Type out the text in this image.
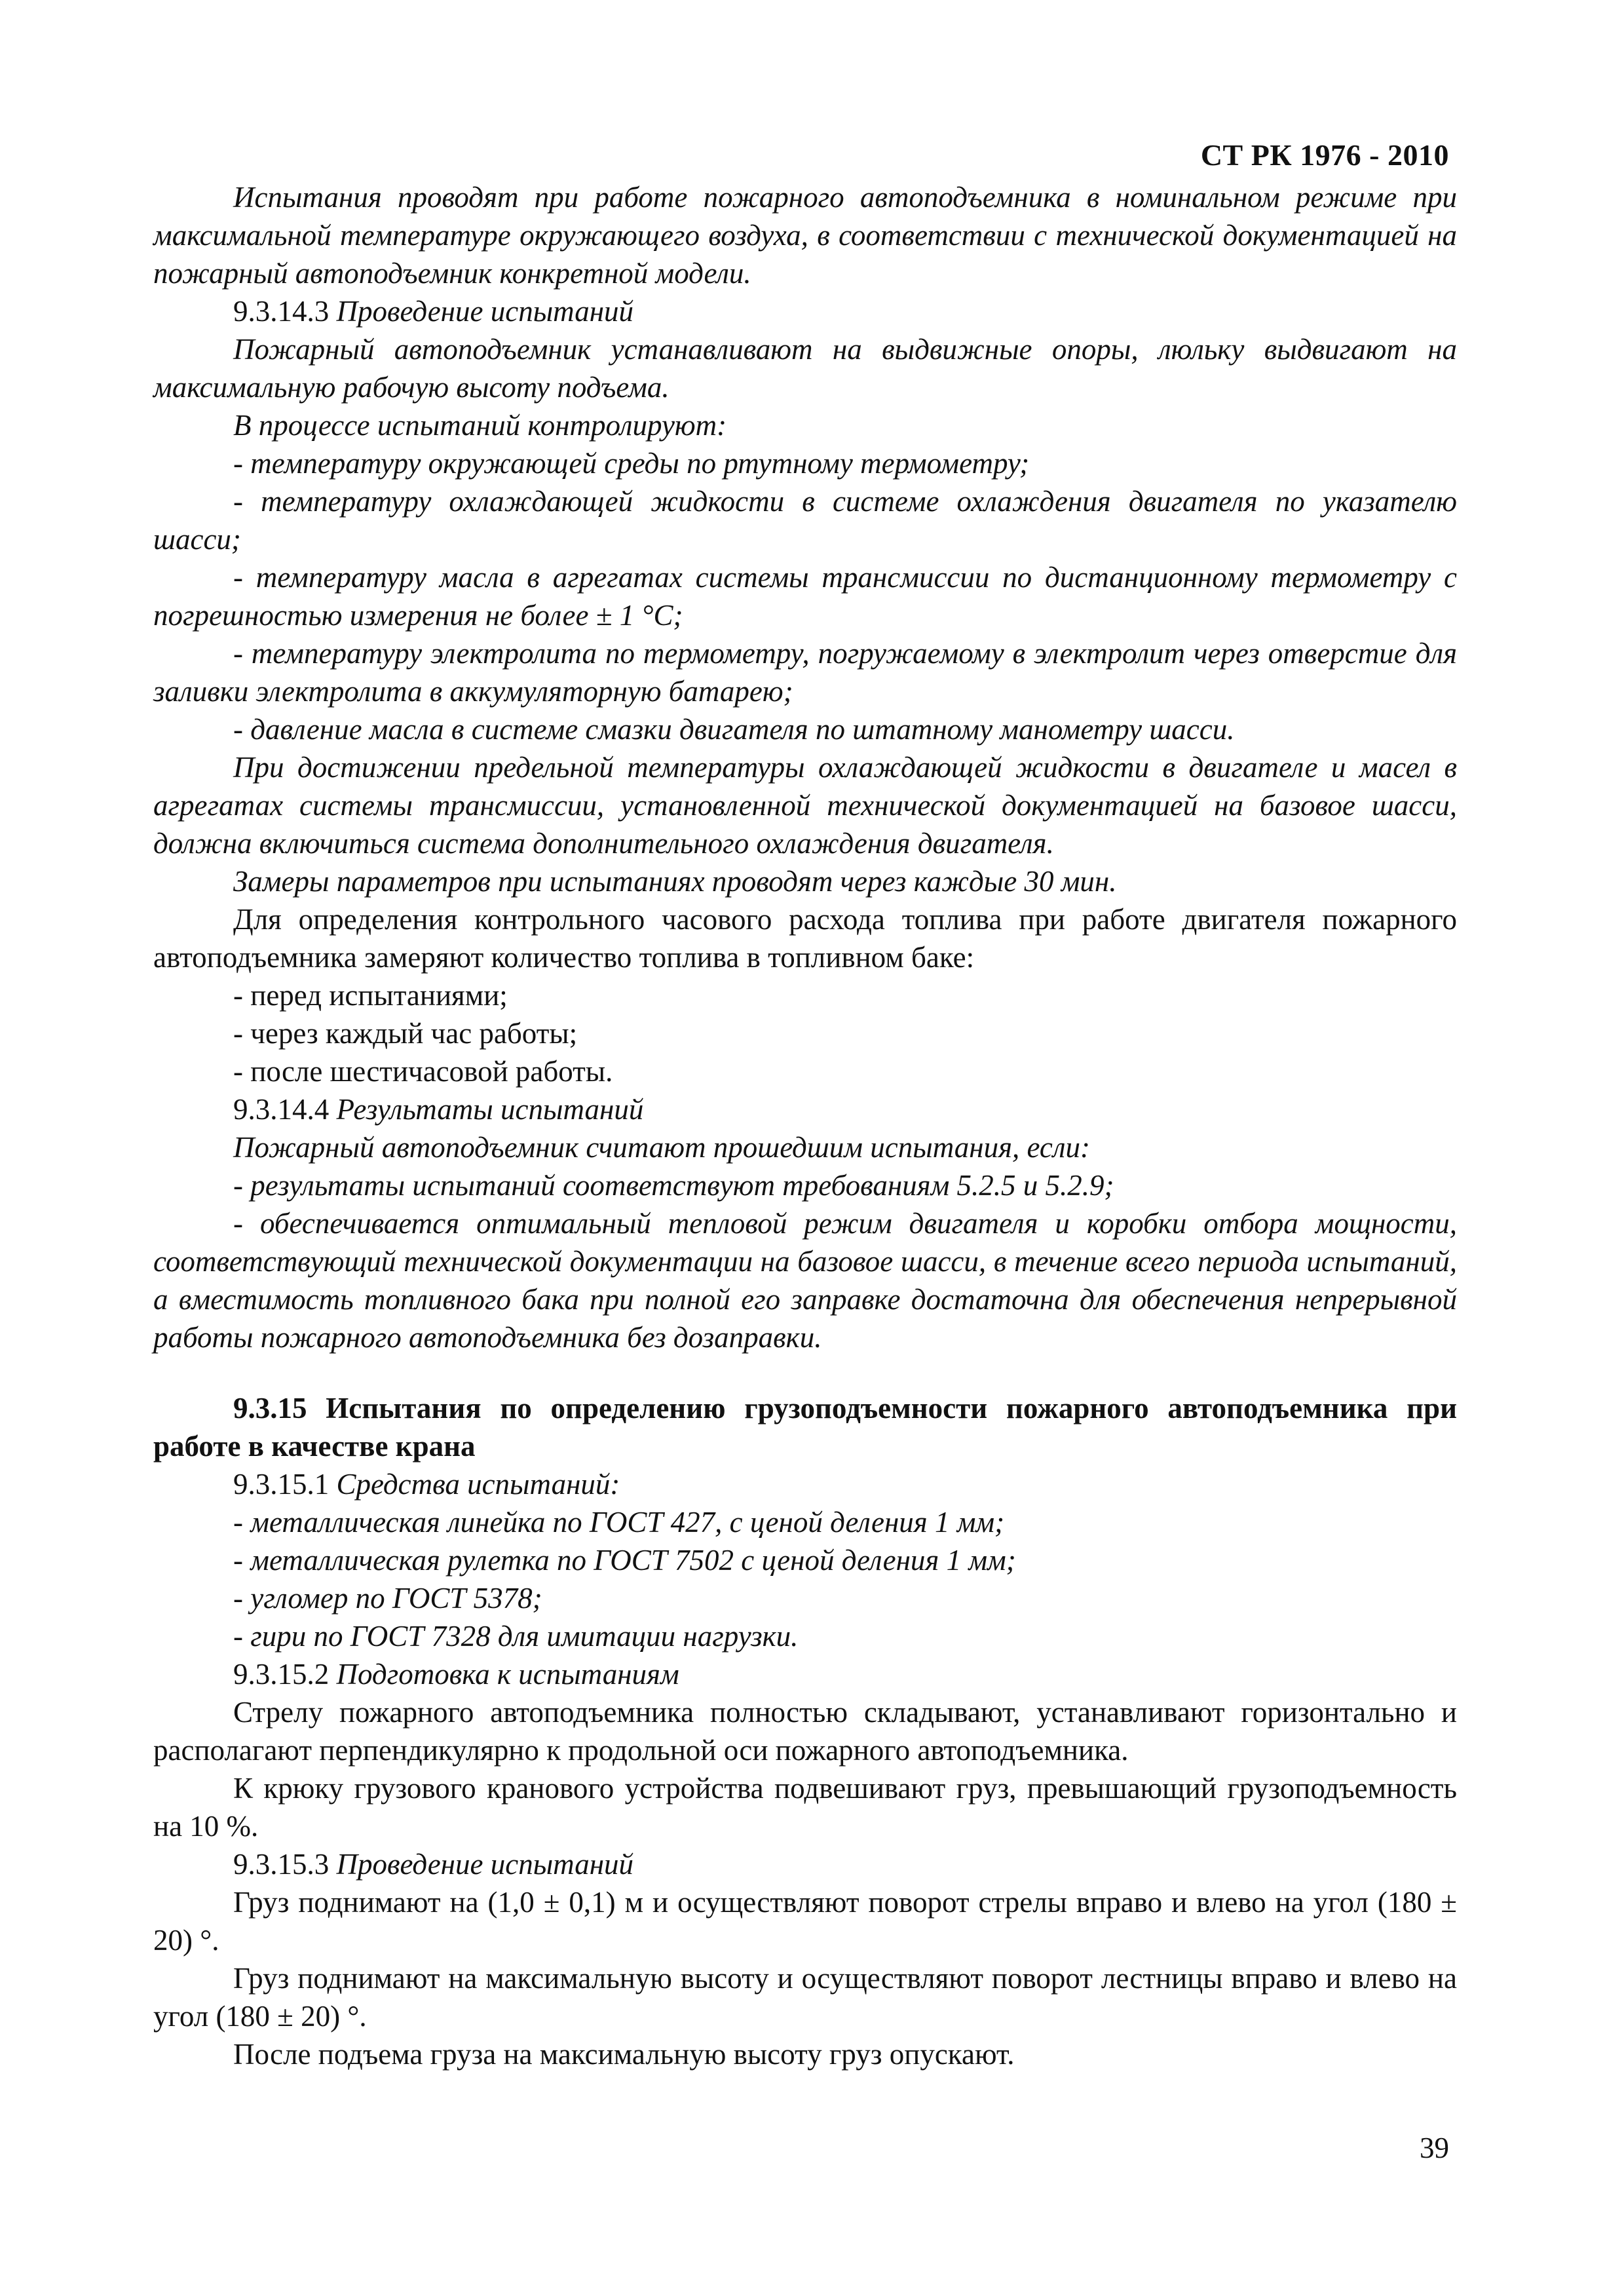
СТ РК 1976 - 2010

Испытания проводят при работе пожарного автоподъемника в номинальном режиме при максимальной температуре окружающего воздуха, в соответствии с технической документацией на пожарный автоподъемник конкретной модели.

9.3.14.3 Проведение испытаний

Пожарный автоподъемник устанавливают на выдвижные опоры, люльку выдвигают на максимальную рабочую высоту подъема.

В процессе испытаний контролируют:

- температуру окружающей среды по ртутному термометру;

- температуру охлаждающей жидкости в системе охлаждения двигателя по указателю шасси;

- температуру масла в агрегатах системы трансмиссии по дистанционному термометру с погрешностью измерения не более ± 1 °С;

- температуру электролита по термометру, погружаемому в электролит через отверстие для заливки электролита в аккумуляторную батарею;

- давление масла в системе смазки двигателя по штатному манометру шасси.

При достижении предельной температуры охлаждающей жидкости в двигателе и масел в агрегатах системы трансмиссии, установленной технической документацией на базовое шасси, должна включиться система дополнительного охлаждения двигателя.

Замеры параметров при испытаниях проводят через каждые 30 мин.

Для определения контрольного часового расхода топлива при работе двигателя пожарного автоподъемника замеряют количество топлива в топливном баке:

- перед испытаниями;

- через каждый час работы;

- после шестичасовой работы.

9.3.14.4 Результаты испытаний

Пожарный автоподъемник считают прошедшим испытания, если:

- результаты испытаний соответствуют требованиям 5.2.5 и 5.2.9;

- обеспечивается оптимальный тепловой режим двигателя и коробки отбора мощности, соответствующий технической документации на базовое шасси, в течение всего периода испытаний, а вместимость топливного бака при полной его заправке достаточна для обеспечения непрерывной работы пожарного автоподъемника без дозаправки.

9.3.15 Испытания по определению грузоподъемности пожарного автоподъемника при работе в качестве крана

9.3.15.1 Средства испытаний:

- металлическая линейка по ГОСТ 427, с ценой деления 1 мм;

- металлическая рулетка по ГОСТ 7502 с ценой деления 1 мм;

- угломер по ГОСТ 5378;

- гири по ГОСТ 7328 для имитации нагрузки.

9.3.15.2 Подготовка к испытаниям

Стрелу пожарного автоподъемника полностью складывают, устанавливают горизонтально и располагают перпендикулярно к продольной оси пожарного автоподъемника.

К крюку грузового кранового устройства подвешивают груз, превышающий грузоподъемность на 10 %.

9.3.15.3 Проведение испытаний

Груз поднимают на (1,0 ± 0,1) м и осуществляют поворот стрелы вправо и влево на угол (180 ± 20) °.

Груз поднимают на максимальную высоту и осуществляют поворот лестницы вправо и влево на угол (180 ± 20) °.

После подъема груза на максимальную высоту груз опускают.

39
